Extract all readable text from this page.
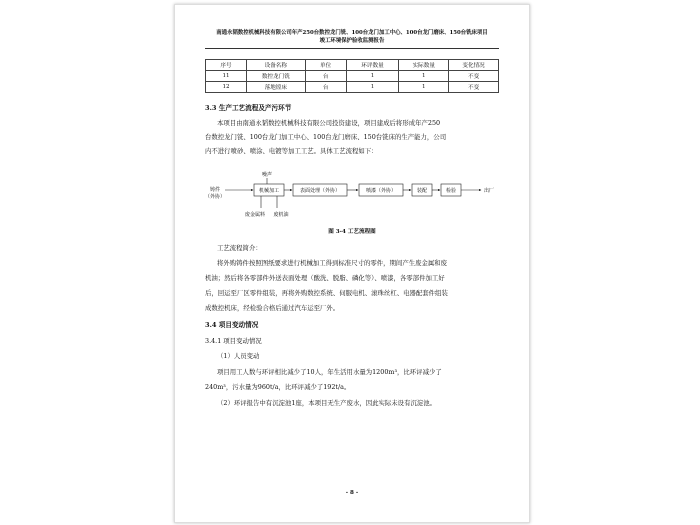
南通永韬数控机械科技有限公司年产250台数控龙门铣、100台龙门加工中心、100台龙门磨床、150台铣床项目
竣工环境保护验收监测报告
序号	设备名称	单位	环评数量	实际数量	变化情况
11	数控龙门铣	台	1	1	不变
12	落地镗床	台	1	1	不变
3.3 生产工艺流程及产污环节
本项目由南通永韬数控机械科技有限公司投资建设，项目建成后将形成年产250
台数控龙门铣、100台龙门加工中心、100台龙门磨床、150台铣床的生产能力，公司
内不进行喷砂、喷涂、电镀等加工工艺。具体工艺流程如下：
铸件
（外协）
噪声
机械加工	表面处理（外协）	喷漆（外协）	装配	检验	出厂
废金属料 废机油
图 3-4 工艺流程图
工艺流程简介：
将外购铸件按照图纸要求进行机械加工得到标准尺寸的零件，期间产生废金属和废
机油；然后将各零部件外送表面处理（酸洗、脱脂、磷化等）、喷漆，各零部件加工好
后，回运至厂区零件组装，再将外购数控系统、伺服电机、滚珠丝杠、电器配套件组装
成数控机床，经检验合格后通过汽车运至厂外。
3.4 项目变动情况
3.4.1 项目变动情况
（1）人员变动
项目用工人数与环评相比减少了10人，年生活用水量为1200m³，比环评减少了
240m³，污水量为960t/a，比环评减少了192t/a。
（2）环评报告中有沉淀池1座，本项目无生产废水，因此实际未设有沉淀池。
- 8 -
